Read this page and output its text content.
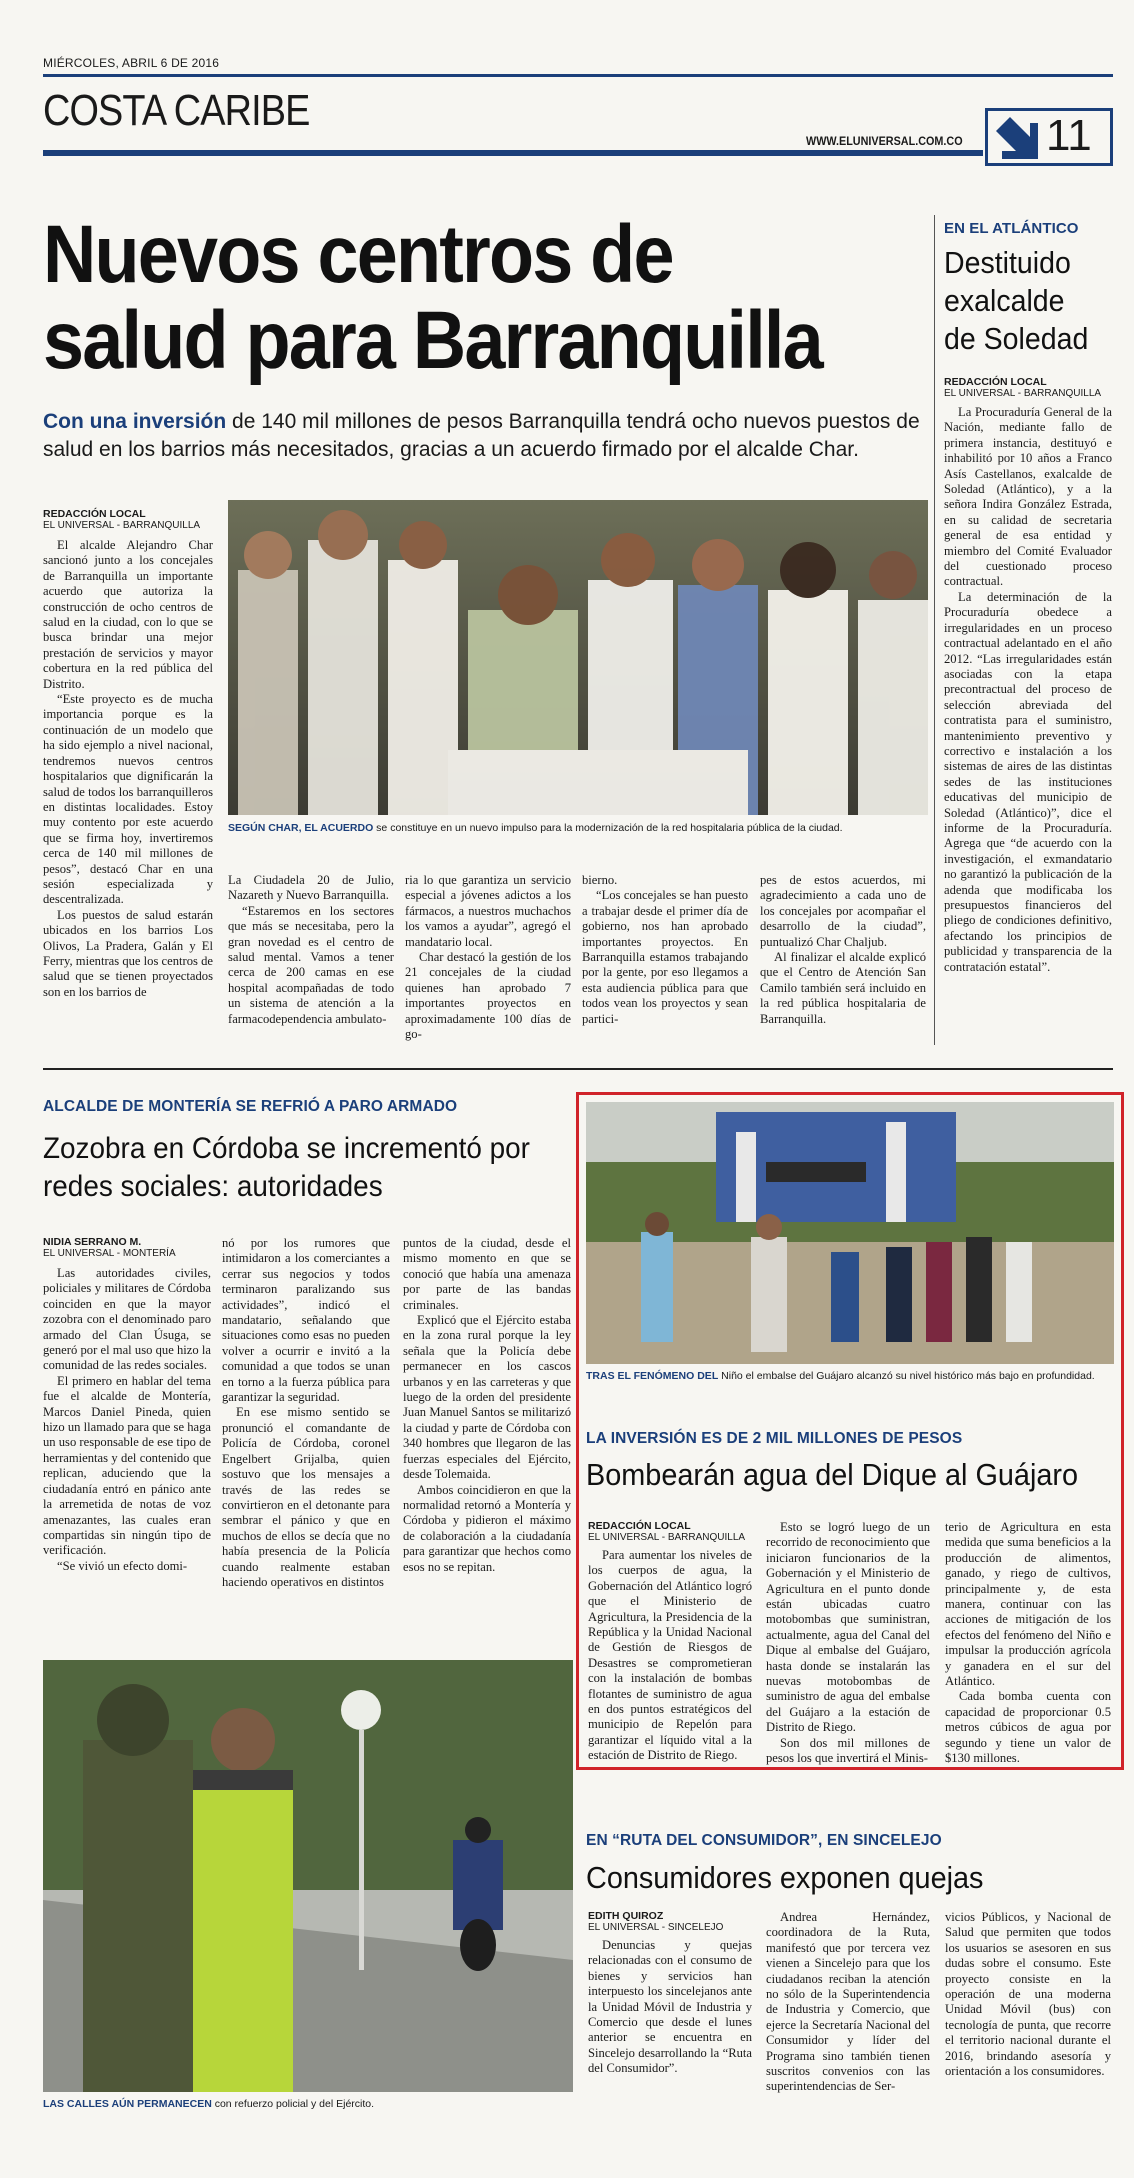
MIÉRCOLES, ABRIL 6 DE 2016
COSTA CARIBE
WWW.ELUNIVERSAL.COM.CO 11
Nuevos centros de salud para Barranquilla
Con una inversión de 140 mil millones de pesos Barranquilla tendrá ocho nuevos puestos de salud en los barrios más necesitados, gracias a un acuerdo firmado por el alcalde Char.
REDACCIÓN LOCAL
EL UNIVERSAL - BARRANQUILLA
SEGÚN CHAR, EL ACUERDO se constituye en un nuevo impulso para la modernización de la red hospitalaria pública de la ciudad.

El alcalde Alejandro Char sancionó junto a los concejales de Barranquilla un importante acuerdo que autoriza la construcción de ocho centros de salud en la ciudad, con lo que se busca brindar una mejor prestación de servicios y mayor cobertura en la red pública del Distrito.

“Este proyecto es de mucha importancia porque es la continuación de un modelo que ha sido ejemplo a nivel nacional, tendremos nuevos centros hospitalarios que dignificarán la salud de todos los barranquilleros en distintas localidades. Estoy muy contento por este acuerdo que se firma hoy, invertiremos cerca de 140 mil millones de pesos”, destacó Char en una sesión especializada y descentralizada.

Los puestos de salud estarán ubicados en los barrios Los Olivos, La Pradera, Galán y El Ferry, mientras que los centros de salud que se tienen proyectados son en los barrios de

La Ciudadela 20 de Julio, Nazareth y Nuevo Barranquilla.

“Estaremos en los sectores que más se necesitaba, pero la gran novedad es el centro de salud mental. Vamos a tener cerca de 200 camas en ese hospital acompañadas de todo un sistema de atención a la farmacodependencia ambulato-

ria lo que garantiza un servicio especial a jóvenes adictos a los fármacos, a nuestros muchachos los vamos a ayudar”, agregó el mandatario local.

Char destacó la gestión de los 21 concejales de la ciudad quienes han aprobado 7 importantes proyectos en aproximadamente 100 días de go-

bierno.

“Los concejales se han puesto a trabajar desde el primer día de gobierno, nos han aprobado importantes proyectos. En Barranquilla estamos trabajando por la gente, por eso llegamos a esta audiencia pública para que todos vean los proyectos y sean partici-

pes de estos acuerdos, mi agradecimiento a cada uno de los concejales por acompañar el desarrollo de la ciudad”, puntualizó Char Chaljub.

Al finalizar el alcalde explicó que el Centro de Atención San Camilo también será incluido en la red pública hospitalaria de Barranquilla.

EN EL ATLÁNTICO
Destituido exalcalde de Soledad
REDACCIÓN LOCAL
EL UNIVERSAL - BARRANQUILLA

La Procuraduría General de la Nación, mediante fallo de primera instancia, destituyó e inhabilitó por 10 años a Franco Asís Castellanos, exalcalde de Soledad (Atlántico), y a la señora Indira González Estrada, en su calidad de secretaria general de esa entidad y miembro del Comité Evaluador del cuestionado proceso contractual.

La determinación de la Procuraduría obedece a irregularidades en un proceso contractual adelantado en el año 2012. “Las irregularidades están asociadas con la etapa precontractual del proceso de selección abreviada del contratista para el suministro, mantenimiento preventivo y correctivo e instalación a los sistemas de aires de las distintas sedes de las instituciones educativas del municipio de Soledad (Atlántico)”, dice el informe de la Procuraduría. Agrega que “de acuerdo con la investigación, el exmandatario no garantizó la publicación de la adenda que modificaba los presupuestos financieros del pliego de condiciones definitivo, afectando los principios de publicidad y transparencia de la contratación estatal”.

ALCALDE DE MONTERÍA SE REFRIÓ A PARO ARMADO
Zozobra en Córdoba se incrementó por redes sociales: autoridades
NIDIA SERRANO M.
EL UNIVERSAL - MONTERÍA

Las autoridades civiles, policiales y militares de Córdoba coinciden en que la mayor zozobra con el denominado paro armado del Clan Úsuga, se generó por el mal uso que hizo la comunidad de las redes sociales.

El primero en hablar del tema fue el alcalde de Montería, Marcos Daniel Pineda, quien hizo un llamado para que se haga un uso responsable de ese tipo de herramientas y del contenido que replican, aduciendo que la ciudadanía entró en pánico ante la arremetida de notas de voz amenazantes, las cuales eran compartidas sin ningún tipo de verificación.

“Se vivió un efecto domi-

nó por los rumores que intimidaron a los comerciantes a cerrar sus negocios y todos terminaron paralizando sus actividades”, indicó el mandatario, señalando que situaciones como esas no pueden volver a ocurrir e invitó a la comunidad a que todos se unan en torno a la fuerza pública para garantizar la seguridad.

En ese mismo sentido se pronunció el comandante de Policía de Córdoba, coronel Engelbert Grijalba, quien sostuvo que los mensajes a través de las redes se convirtieron en el detonante para sembrar el pánico y que en muchos de ellos se decía que no había presencia de la Policía cuando realmente estaban haciendo operativos en distintos

puntos de la ciudad, desde el mismo momento en que se conoció que había una amenaza por parte de las bandas criminales.

Explicó que el Ejército estaba en la zona rural porque la ley señala que la Policía debe permanecer en los cascos urbanos y en las carreteras y que luego de la orden del presidente Juan Manuel Santos se militarizó la ciudad y parte de Córdoba con 340 hombres que llegaron de las fuerzas especiales del Ejército, desde Tolemaida.

Ambos coincidieron en que la normalidad retornó a Montería y Córdoba y pidieron el máximo de colaboración a la ciudadanía para garantizar que hechos como esos no se repitan.

LAS CALLES AÚN PERMANECEN con refuerzo policial y del Ejército.
TRAS EL FENÓMENO DEL Niño el embalse del Guájaro alcanzó su nivel histórico más bajo en profundidad.
LA INVERSIÓN ES DE 2 MIL MILLONES DE PESOS
Bombearán agua del Dique al Guájaro
REDACCIÓN LOCAL
EL UNIVERSAL - BARRANQUILLA

Para aumentar los niveles de los cuerpos de agua, la Gobernación del Atlántico logró que el Ministerio de Agricultura, la Presidencia de la República y la Unidad Nacional de Gestión de Riesgos de Desastres se comprometieran con la instalación de bombas flotantes de suministro de agua en dos puntos estratégicos del municipio de Repelón para garantizar el líquido vital a la estación de Distrito de Riego.

Esto se logró luego de un recorrido de reconocimiento que iniciaron funcionarios de la Gobernación y el Ministerio de Agricultura en el punto donde están ubicadas cuatro motobombas que suministran, actualmente, agua del Canal del Dique al embalse del Guájaro, hasta donde se instalarán las nuevas motobombas de suministro de agua del embalse del Guájaro a la estación de Distrito de Riego.

Son dos mil millones de pesos los que invertirá el Minis-

terio de Agricultura en esta medida que suma beneficios a la producción de alimentos, ganado, y riego de cultivos, principalmente y, de esta manera, continuar con las acciones de mitigación de los efectos del fenómeno del Niño e impulsar la producción agrícola y ganadera en el sur del Atlántico.

Cada bomba cuenta con capacidad de proporcionar 0.5 metros cúbicos de agua por segundo y tiene un valor de $130 millones.

EN “RUTA DEL CONSUMIDOR”, EN SINCELEJO
Consumidores exponen quejas
EDITH QUIROZ
EL UNIVERSAL - SINCELEJO

Denuncias y quejas relacionadas con el consumo de bienes y servicios han interpuesto los sincelejanos ante la Unidad Móvil de Industria y Comercio que desde el lunes anterior se encuentra en Sincelejo desarrollando la “Ruta del Consumidor”.

Andrea Hernández, coordinadora de la Ruta, manifestó que por tercera vez vienen a Sincelejo para que los ciudadanos reciban la atención no sólo de la Superintendencia de Industria y Comercio, que ejerce la Secretaría Nacional del Consumidor y líder del Programa sino también tienen suscritos convenios con las superintendencias de Ser-

vicios Públicos, y Nacional de Salud que permiten que todos los usuarios se asesoren en sus dudas sobre el consumo. Este proyecto consiste en la operación de una moderna Unidad Móvil (bus) con tecnología de punta, que recorre el territorio nacional durante el 2016, brindando asesoría y orientación a los consumidores.
